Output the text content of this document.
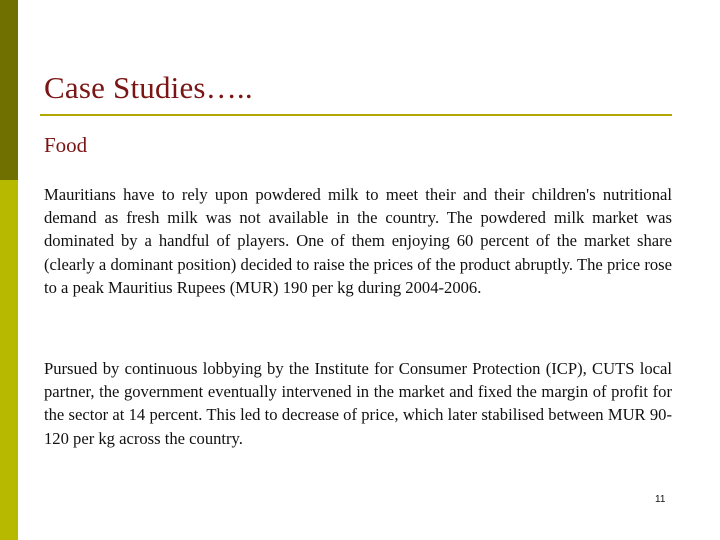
Case Studies…..
Food
Mauritians have to rely upon powdered milk to meet their and their children's nutritional demand as fresh milk was not available in the country. The powdered milk market was dominated by a handful of players. One of them enjoying 60 percent of the market share (clearly a dominant position) decided to raise the prices of the product abruptly. The price rose to a peak Mauritius Rupees (MUR) 190 per kg during 2004-2006.
Pursued by continuous lobbying by the Institute for Consumer Protection (ICP), CUTS local partner, the government eventually intervened in the market and fixed the margin of profit for the sector at 14 percent. This led to decrease of price, which later stabilised between MUR 90-120 per kg across the country.
11
